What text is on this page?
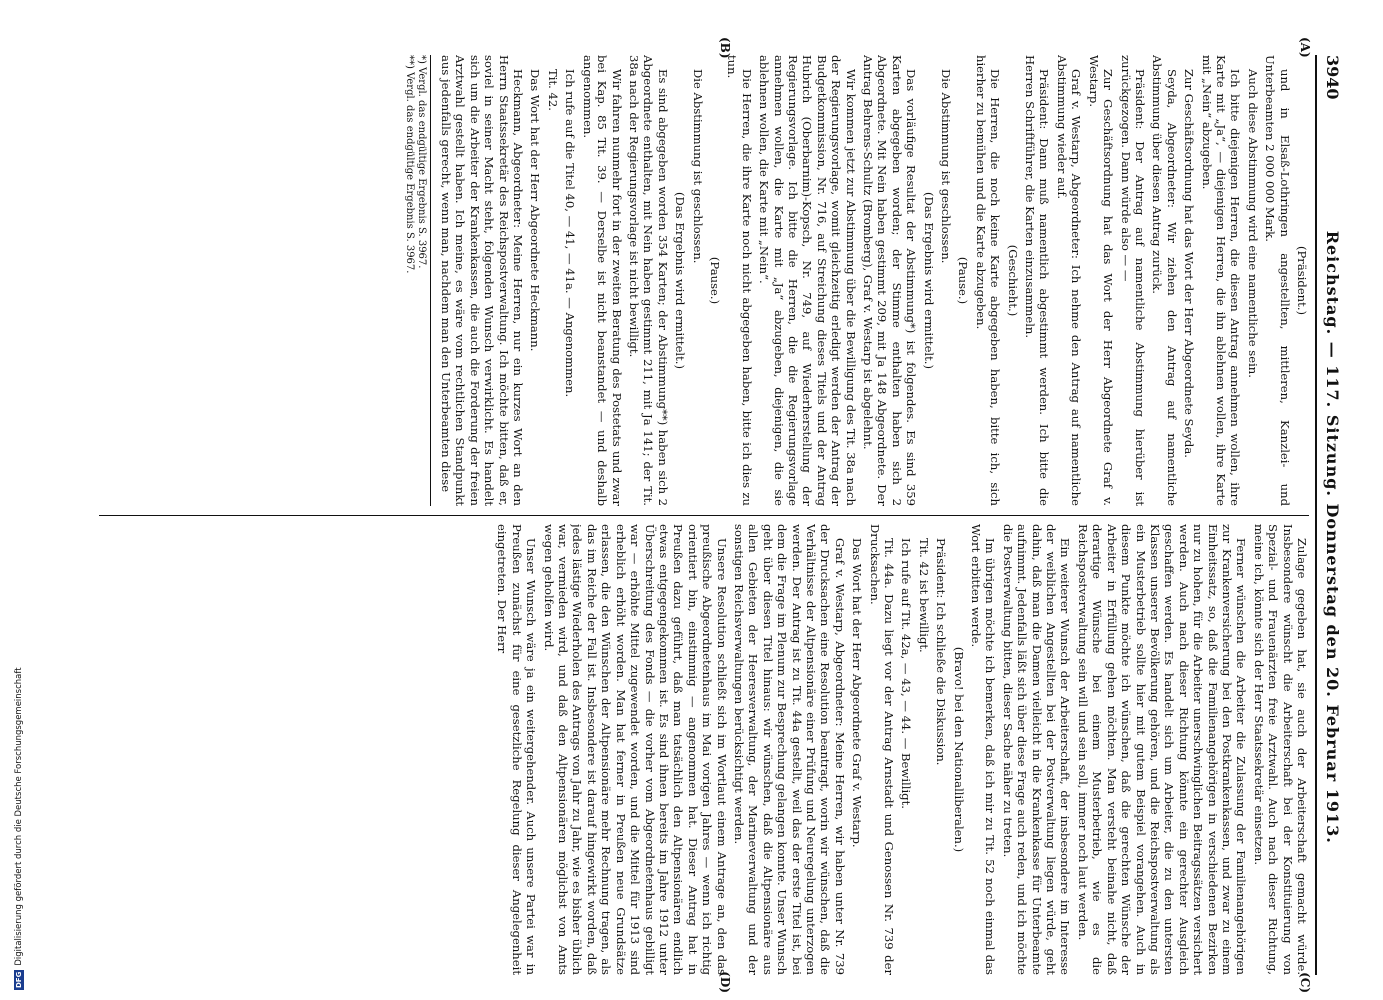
DFG
Digitalisierung gefördert durch die Deutsche Forschungsgemeinschaft
3940
Reichstag. — 117. Sitzung. Donnerstag den 20. Februar 1913.

(Präsident.)

und in Elsaß-Lothringen angestellten, mittleren, Kanzlei- und Unterbeamten 2 000 000 Mark.

Auch diese Abstimmung wird eine namentliche sein.

Ich bitte diejenigen Herren, die diesen Antrag annehmen wollen, ihre Karte mit „Ja“, — diejenigen Herren, die ihn ablehnen wollen, ihre Karte mit „Nein“ abzugeben.

Zur Geschäftsordnung hat das Wort der Herr Abgeordnete Seyda.

Seyda, Abgeordneter: Wir ziehen den Antrag auf namentliche Abstimmung über diesen Antrag zurück.

Präsident: Der Antrag auf namentliche Abstimmung hierüber ist zurückgezogen. Dann würde also — —

Zur Geschäftsordnung hat das Wort der Herr Abgeordnete Graf v. Westarp.

Graf v. Westarp, Abgeordneter: Ich nehme den Antrag auf namentliche Abstimmung wieder auf.

Präsident: Dann muß namentlich abgestimmt werden. Ich bitte die Herren Schriftführer, die Karten einzusammeln.

(Geschieht.)

Die Herren, die noch keine Karte abgegeben haben, bitte ich, sich hierher zu bemühen und die Karte abzugeben.

(Pause.)

Die Abstimmung ist geschlossen.

(Das Ergebnis wird ermittelt.)

Das vorläufige Resultat der Abstimmung*) ist folgendes. Es sind 359 Karten abgegeben worden; der Stimme enthalten haben sich 2 Abgeordnete. Mit Nein haben gestimmt 209, mit Ja 148 Abgeordnete. Der Antrag Behrens-Schultz (Bromberg), Graf v. Westarp ist abgelehnt.

Wir kommen jetzt zur Abstimmung über die Bewilligung des Tit. 38a nach der Regierungsvorlage, womit gleichzeitig erledigt werden der Antrag der Budgetkommission, Nr. 716, auf Streichung dieses Titels und der Antrag Hubrich (Oberbarnim)-Kopsch, Nr. 749, auf Wiederherstellung der Regierungsvorlage. Ich bitte die Herren, die die Regierungsvorlage annehmen wollen, die Karte mit „Ja“ abzugeben, diejenigen, die sie ablehnen wollen, die Karte mit „Nein“.

Die Herren, die ihre Karte noch nicht abgegeben haben, bitte ich dies zu tun.

(Pause.)

Die Abstimmung ist geschlossen.

(Das Ergebnis wird ermittelt.)

Es sind abgegeben worden 354 Karten; der Abstimmung**) haben sich 2 Abgeordnete enthalten, mit Nein haben gestimmt 211, mit Ja 141; der Tit. 38a nach der Regierungsvorlage ist nicht bewilligt.

Wir fahren nunmehr fort in der zweiten Beratung des Postetats und zwar bei Kap. 85 Tit. 39. — Derselbe ist nicht beanstandet — und deshalb angenommen.

Ich rufe auf die Titel 40, — 41, — 41a. — Angenommen.

Tit. 42.

Das Wort hat der Herr Abgeordnete Heckmann.

Heckmann, Abgeordneter: Meine Herren, nur ein kurzes Wort an den Herrn Staatssekretär des Reichspostverwaltung. Ich möchte bitten, daß er, soviel in seiner Macht steht, folgenden Wunsch verwirklicht. Es handelt sich um die Arbeiter der Krankenkassen, die auch die Forderung der freien Arztwahl gestellt haben. Ich meine, es wäre vom rechtlichen Standpunkt aus jedenfalls gerecht, wenn man, nachdem man den Unterbeamten diese

*) Vergl. das endgültige Ergebnis S. 3967.
**) Vergl. das endgültige Ergebnis S. 3967.

Zulage gegeben hat, sie auch der Arbeiterschaft gemacht würde. Insbesondere wünscht die Arbeiterschaft bei der Konstituierung von Spezial- und Frauenärzten freie Arztwahl. Auch nach dieser Richtung, meine ich, könnte sich der Herr Staatssekretär einsetzen.

Ferner wünschen die Arbeiter die Zulassung der Familienangehörigen zur Krankenversicherung bei den Postkrankenkassen, und zwar zu einem Einheitssatz, so, daß die Familienangehörigen in verschiedenen Bezirken nur zu hohen, für die Arbeiter unerschwinglichen Beitragssätzen versichert werden. Auch nach dieser Richtung könnte ein gerechter Ausgleich geschaffen werden. Es handelt sich um Arbeiter, die zu den untersten Klassen unserer Bevölkerung gehören, und die Reichspostverwaltung als ein Musterbetrieb sollte hier mit gutem Beispiel vorangehen. Auch in diesem Punkte möchte ich wünschen, daß die gerechten Wünsche der Arbeiter in Erfüllung gehen möchten. Man versteht beinahe nicht, daß derartige Wünsche bei einem Musterbetrieb, wie es die Reichspostverwaltung sein will und sein soll, immer noch laut werden.

Ein weiterer Wunsch der Arbeiterschaft, der insbesondere im Interesse der weiblichen Angestellten bei der Postverwaltung liegen würde, geht dahin, daß man die Damen vielleicht in die Krankenkasse für Unterbeamte aufnimmt. Jedenfalls läßt sich über diese Frage auch reden, und ich möchte die Postverwaltung bitten, dieser Sache näher zu treten.

Im übrigen möchte ich bemerken, daß ich mir zu Tit. 52 noch einmal das Wort erbitten werde.

(Bravo! bei den Nationalliberalen.)

Präsident: Ich schließe die Diskussion.

Tit. 42 ist bewilligt.

Ich rufe auf Tit. 42a, — 43, — 44. — Bewilligt.

Tit. 44a. Dazu liegt vor der Antrag Arnstadt und Genossen Nr. 739 der Drucksachen.

Das Wort hat der Herr Abgeordnete Graf v. Westarp.

Graf v. Westarp, Abgeordneter: Meine Herren, wir haben unter Nr. 739 der Drucksachen eine Resolution beantragt, worin wir wünschen, daß die Verhältnisse der Altpensionäre einer Prüfung und Neuregelung unterzogen werden. Der Antrag ist zu Tit. 44a gestellt, weil das der erste Titel ist, bei dem die Frage im Plenum zur Besprechung gelangen konnte. Unser Wunsch geht über diesen Titel hinaus: wir wünschen, daß die Altpensionäre aus allen Gebieten der Heeresverwaltung, der Marineverwaltung und der sonstigen Reichsverwaltungen berücksichtigt werden.

Unsere Resolution schließt sich im Wortlaut einem Antrage an, den das preußische Abgeordnetenhaus im Mai vorigen Jahres — wenn ich richtig orientiert bin, einstimmig — angenommen hat. Dieser Antrag hat in Preußen dazu geführt, daß man tatsächlich den Altpensionären endlich etwas entgegengekommen ist. Es sind ihnen bereits im Jahre 1912 unter Überschreitung des Fonds — die vorher vom Abgeordnetenhaus gebilligt war — erhöhte Mittel zugewendet worden, und die Mittel für 1913 sind erheblich erhöht worden. Man hat ferner in Preußen neue Grundsätze erlassen, die den Wünschen der Altpensionäre mehr Rechnung tragen, als das im Reiche der Fall ist. Insbesondere ist darauf hingewirkt worden, daß jedes lästige Wiederholen des Antrags von Jahr zu Jahr, wie es bisher üblich war, vermieden wird, und daß den Altpensionären möglichst von Amts wegen geholfen wird.

Unser Wunsch wäre ja ein weitergehender. Auch unsere Partei war in Preußen zunächst für eine gesetzliche Regelung dieser Angelegenheit eingetreten. Der Herr

(A)
(B)
(C)
(D)
